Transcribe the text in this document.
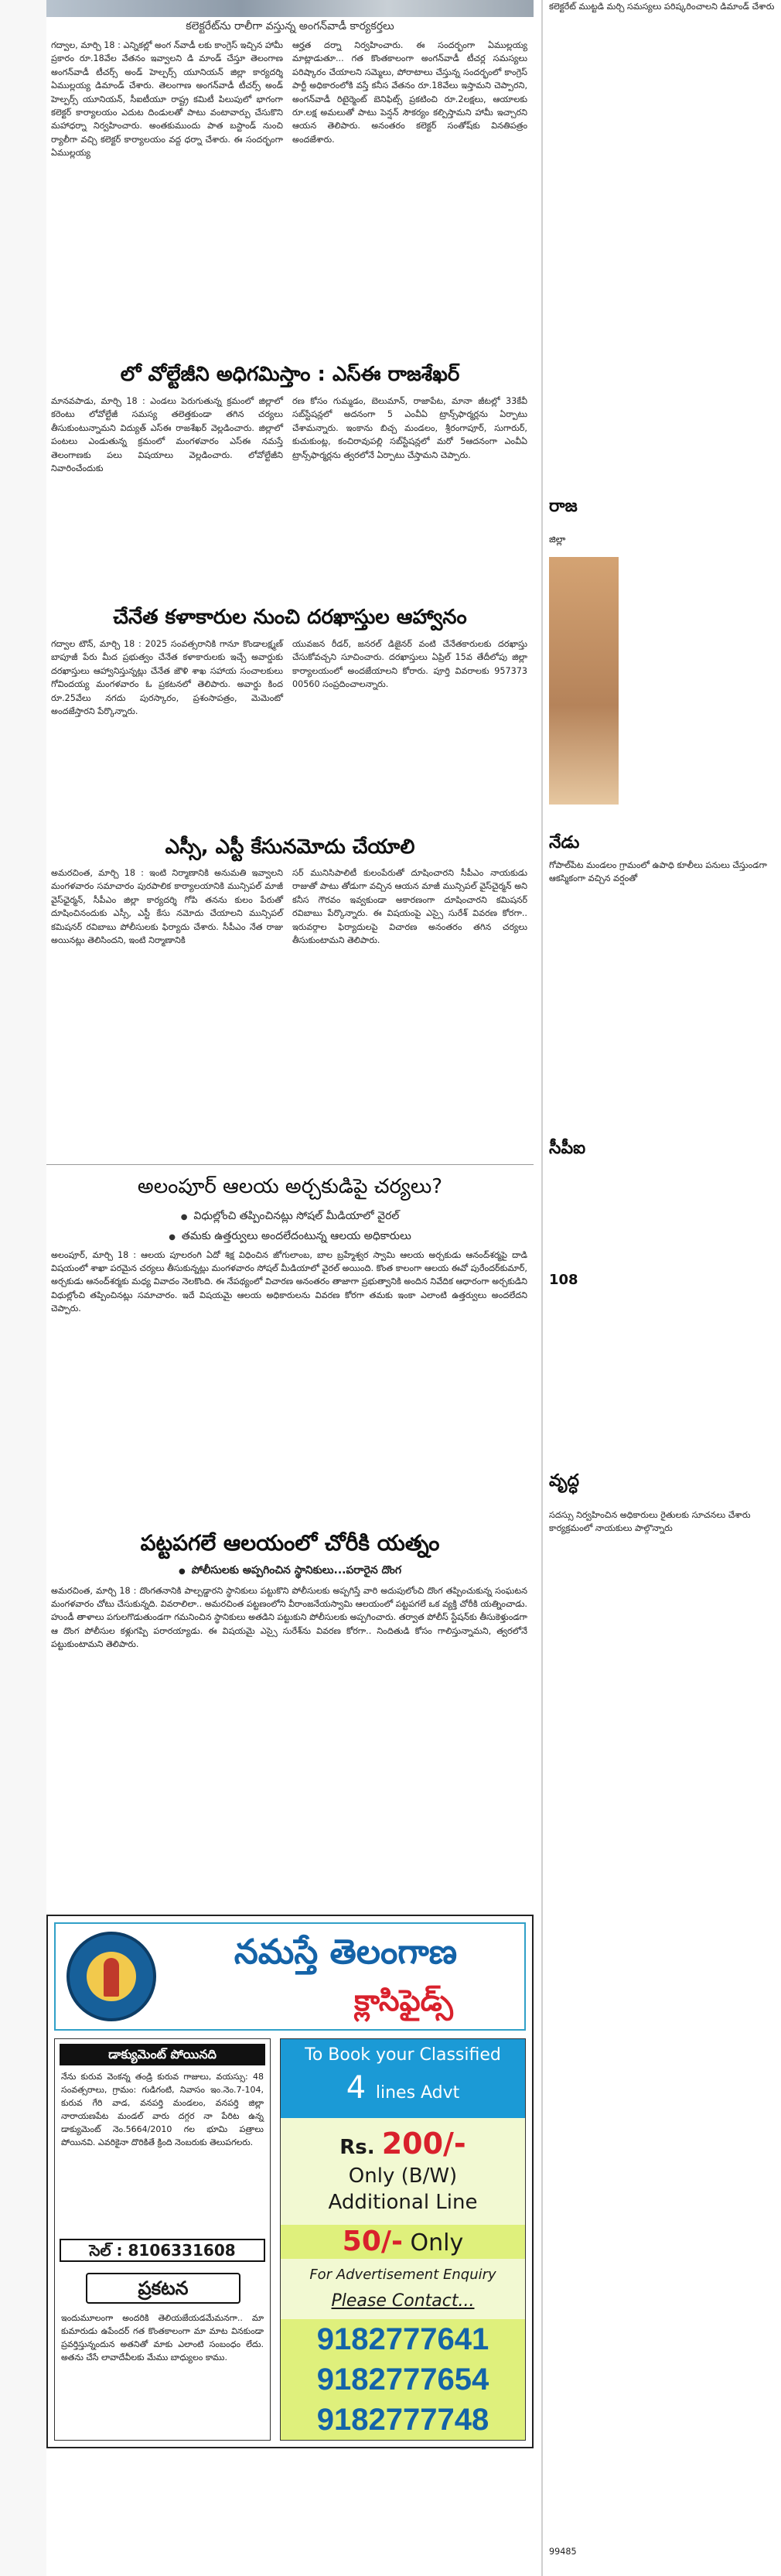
కలెక్టరేట్‌ను రాలీగా వస్తున్న అంగన్‌వాడీ కార్యకర్తలు
గద్వాల, మార్చి 18 : ఎన్నికల్లో అంగ న్‌వాడీ లకు కాంగ్రెస్ ఇచ్చిన హామీ ప్రకారం రూ.18వేల వేతనం ఇవ్వాలని డి మాండ్ చేస్తూ తెలంగాణ అంగన్‌వాడీ టీచర్స్ అండ్ హెల్పర్స్ యూనియన్ జిల్లా కార్యదర్శి ఏముల్లయ్య డిమాండ్ చేశారు. తెలంగాణ అంగన్‌వాడీ టీచర్స్ అండ్ హెల్పర్స్ యూనియన్, సీఐటీయూ రాష్ట్ర కమిటీ పిలుపులో భాగంగా కలెక్టర్ కార్యాలయం ఎదుట దిండులతో పాటు వంటావార్పు చేసుకొని మహాధర్నా నిర్వహించారు. అంతకుముందు పాత బస్టాండ్ నుంచి ర్యాలీగా వచ్చి కలెక్టర్ కార్యాలయం వద్ద ధర్నా చేశారు. ఈ సందర్భంగా ఏముల్లయ్య
ఆర్హత దర్నా నిర్వహించారు. ఈ సందర్భంగా ఏముల్లయ్య మాట్లాడుతూ... గత కొంతకాలంగా అంగన్‌వాడీ టీచర్ల సమస్యలు పరిష్కారం చేయాలని సమ్మెలు, పోరాటాలు చేస్తున్న సందర్భంలో కాంగ్రెస్ పార్టీ అధికారంలోకి వస్తే కనీస వేతనం రూ.18వేలు ఇస్తామని చెప్పారని, అంగన్‌వాడీ రిటైర్మెంట్ బెనిఫిట్స్ ప్రకటించి రూ.2లక్షలు, ఆయాలకు రూ.లక్ష అమలుతో పాటు పెన్షన్ సౌకర్యం కల్పిస్తామని హామీ ఇచ్చారని ఆయన తెలిపారు. అనంతరం కలెక్టర్ సంతోష్‌కు వినతిపత్రం అందజేశారు.
లో వోల్టేజీని అధిగమిస్తాం : ఎస్ఈ రాజశేఖర్
మానవపాడు, మార్చి 18 : ఎండలు పెరుగుతున్న క్రమంలో జిల్లాలో కరెంటు లోవోల్టేజీ సమస్య తలెత్తకుండా తగిన చర్యలు తీసుకుంటున్నామని విద్యుత్ ఎస్ఈ రాజశేఖర్ వెల్లడించారు. జిల్లాలో పంటలు ఎండుతున్న క్రమంలో మంగళవారం ఎస్ఈ నమస్తే తెలంగాణకు పలు విషయాలు వెల్లడించారు. లోవోల్టేజీని నివారించేందుకు
రణ కోసం గుమ్మడం, బెలుమాన్‌, రాజాపేట, మానా జీటల్లో 33కేవీ సబ్‌స్టేషన్లలో అదనంగా 5 ఎంవీఏ ట్రాన్స్‌ఫార్మర్లను ఏర్పాటు చేశామన్నారు. ఇంకాను బిచ్చ మండలం, శ్రీరంగాపూర్, సుగారుర్, కుచుకుంట్ల, కంచిరావుపల్లి సబ్‌స్టేషన్లలో మరో 5ఆదనంగా ఎంవీఏ ట్రాన్స్‌ఫార్మర్లను త్వరలోనే ఏర్పాటు చేస్తామని చెప్పారు.
చేనేత కళాకారుల నుంచి దరఖాస్తుల ఆహ్వానం
గద్వాల టౌన్, మార్చి 18 : 2025 సంవత్సరానికి గానూ కొండాలక్ష్మణ్ బాపూజీ పేరు మీద ప్రభుత్వం చేనేత కళాకారులకు ఇచ్చే అవార్డుకు దరఖాస్తులు ఆహ్వానిస్తున్నట్లు చేనేత జౌళి శాఖ సహాయ సంచాలకులు గోవిందయ్య మంగళవారం ఓ ప్రకటనలో తెలిపారు. అవార్డు కింద రూ.25వేలు నగదు పురస్కారం, ప్రశంసాపత్రం, మెమెంటో అందజేస్తారని పేర్కొన్నారు.
యువజన రీడర్, జనరల్ డిజైనర్ వంటి చేనేతకారులకు దరఖాస్తు చేసుకోవచ్చని సూచించారు. దరఖాస్తులు ఏప్రిల్ 15వ తేదీలోపు జిల్లా కార్యాలయంలో అందజేయాలని కోరారు. పూర్తి వివరాలకు 957373 00560 సంప్రదించాలన్నారు.
ఎస్సీ, ఎస్టీ కేసునమోదు చేయాలి
అమరచింత, మార్చి 18 : ఇంటి నిర్మాణానికి అనుమతి ఇవ్వాలని మంగళవారం సమాచారం పురపాలిక కార్యాలయానికి మున్సిపల్ మాజీ వైస్‌ఛైర్మన్, సీపీఎం జిల్లా కార్యదర్శి గోపి తనను కులం పేరుతో దూషించినందుకు ఎస్సీ, ఎస్టీ కేసు నమోదు చేయాలని మున్సిపల్ కమిషనర్ రవిబాబు పోలీసులకు ఫిర్యాదు చేశారు. సీపీఎం నేత రాజు అయినట్లు తెలిసిందని, ఇంటి నిర్మాణానికి
సర్ మునిసిపాలిటీ కులంపేరుతో దూషించారని సీపీఎం నాయకుడు రాజుతో పాటు తోడుగా వచ్చిన ఆయన మాజీ మున్సిపల్ వైస్‌చైర్మన్ అని కనీస గౌరవం ఇవ్వకుండా అకారణంగా దూషించారని కమిషనర్ రవిబాబు పేర్కొన్నారు. ఈ విషయంపై ఎస్సై సురేశ్ వివరణ కోరగా.. ఇరువర్గాల ఫిర్యాదులపై విచారణ అనంతరం తగిన చర్యలు తీసుకుంటామని తెలిపారు.
అలంపూర్ ఆలయ అర్చకుడిపై చర్యలు?
● విధుల్లోంచి తప్పించినట్లు సోషల్ మీడియాలో వైరల్
● తమకు ఉత్తర్వులు అందలేదంటున్న ఆలయ అధికారులు
అలంపూర్, మార్చి 18 : ఆలయ పూలరంగి ఏదో శిక్ష విధించిన జోగులాంబ, బాల బ్రహ్మేశ్వర స్వామి ఆలయ అర్చకుడు ఆనంద్‌శర్మపై దాడి విషయంలో శాఖా పరమైన చర్యలు తీసుకున్నట్లు మంగళవారం సోషల్ మీడియాలో వైరల్ అయింది. కొంత కాలంగా ఆలయ ఈవో పురేందర్‌కుమార్, అర్చకుడు ఆనంద్‌శర్మకు మధ్య వివాదం నెలకొంది. ఈ నేపథ్యంలో విచారణ అనంతరం తాజాగా ప్రభుత్వానికి అందిన నివేదిక ఆధారంగా అర్చకుడిని విధుల్లోంచి తప్పించినట్లు సమాచారం. ఇదే విషయమై ఆలయ అధికారులను వివరణ కోరగా తమకు ఇంకా ఎలాంటి ఉత్తర్వులు అందలేదని చెప్పారు.
పట్టపగలే ఆలయంలో చోరీకి యత్నం
● పోలీసులకు అప్పగించిన స్థానికులు...పరారైన దొంగ
అమరచింత, మార్చి 18 : దొంగతనానికి పాల్పడ్డారని స్థానికులు పట్టుకొని పోలీసులకు అప్పగిస్తే వారి అదుపులోంచి దొంగ తప్పించుకున్న సంఘటన మంగళవారం చోటు చేసుకున్నది. వివరాలిలా.. అమరచింత పట్టణంలోని వీరాంజనేయస్వామి ఆలయంలో పట్టపగలే ఒక వ్యక్తి చోరీకి యత్నించాడు. హుండీ తాళాలు పగులగొడుతుండగా గమనించిన స్థానికులు అతడిని పట్టుకుని పోలీసులకు అప్పగించారు. తర్వాత పోలీస్ స్టేషన్‌కు తీసుకెళ్తుండగా ఆ దొంగ పోలీసుల కళ్లుగప్పి పరారయ్యాడు. ఈ విషయమై ఎస్సై సురేశ్‌ను వివరణ కోరగా.. నిందితుడి కోసం గాలిస్తున్నామని, త్వరలోనే పట్టుకుంటామని తెలిపారు.
నమస్తే తెలంగాణ
క్లాసిఫైడ్స్
డాక్యుమెంట్ పోయినది
నేను కురువ వెంకన్న తండ్రి కురువ గాజులు, వయస్సు: 48 సంవత్సరాలు, గ్రామం: గుడిగంటి, నివాసం ఇం.నెం.7-104, కురువ గేరి వాడ, వనపర్తి మండలం, వనపర్తి జిల్లా నారాయణపేట మండల్ వారు దగ్గర నా పేరిట ఉన్న డాక్యుమెంట్ నెం.5664/2010 గల భూమి పత్రాలు పోయినవి. ఎవరికైనా దొరికితే క్రింది నెంబరుకు తెలుపగలరు.
సెల్ : 8106331608
ప్రకటన
ఇందుమూలంగా అందరికి తెలియజేయడమేమనగా.. మా కుమారుడు ఉపేందర్ గత కొంతకాలంగా మా మాట వినకుండా ప్రవర్తిస్తున్నందున అతనితో మాకు ఎలాంటి సంబంధం లేదు. అతను చేసే లావాదేవీలకు మేము బాధ్యులం కాము.
To Book your Classified
4 lines Advt
Rs. 200/-
Only (B/W)
Additional Line
50/- Only
For Advertisement Enquiry
Please Contact...
9182777641
9182777654
9182777748
కలెక్టరేట్ ముట్టడి మర్చి సమస్యలు పరిష్కరించాలని డిమాండ్ చేశారు
రాజ
జిల్లా
నేడు
గోపాల్‌పేట మండలం గ్రామంలో ఉపాధి కూలీలు పనులు చేస్తుండగా ఆకస్మికంగా వచ్చిన వర్షంతో
సీపీఐ
108
వృద్ధ
సదస్సు నిర్వహించిన అధికారులు రైతులకు సూచనలు చేశారు కార్యక్రమంలో నాయకులు పాల్గొన్నారు
99485
